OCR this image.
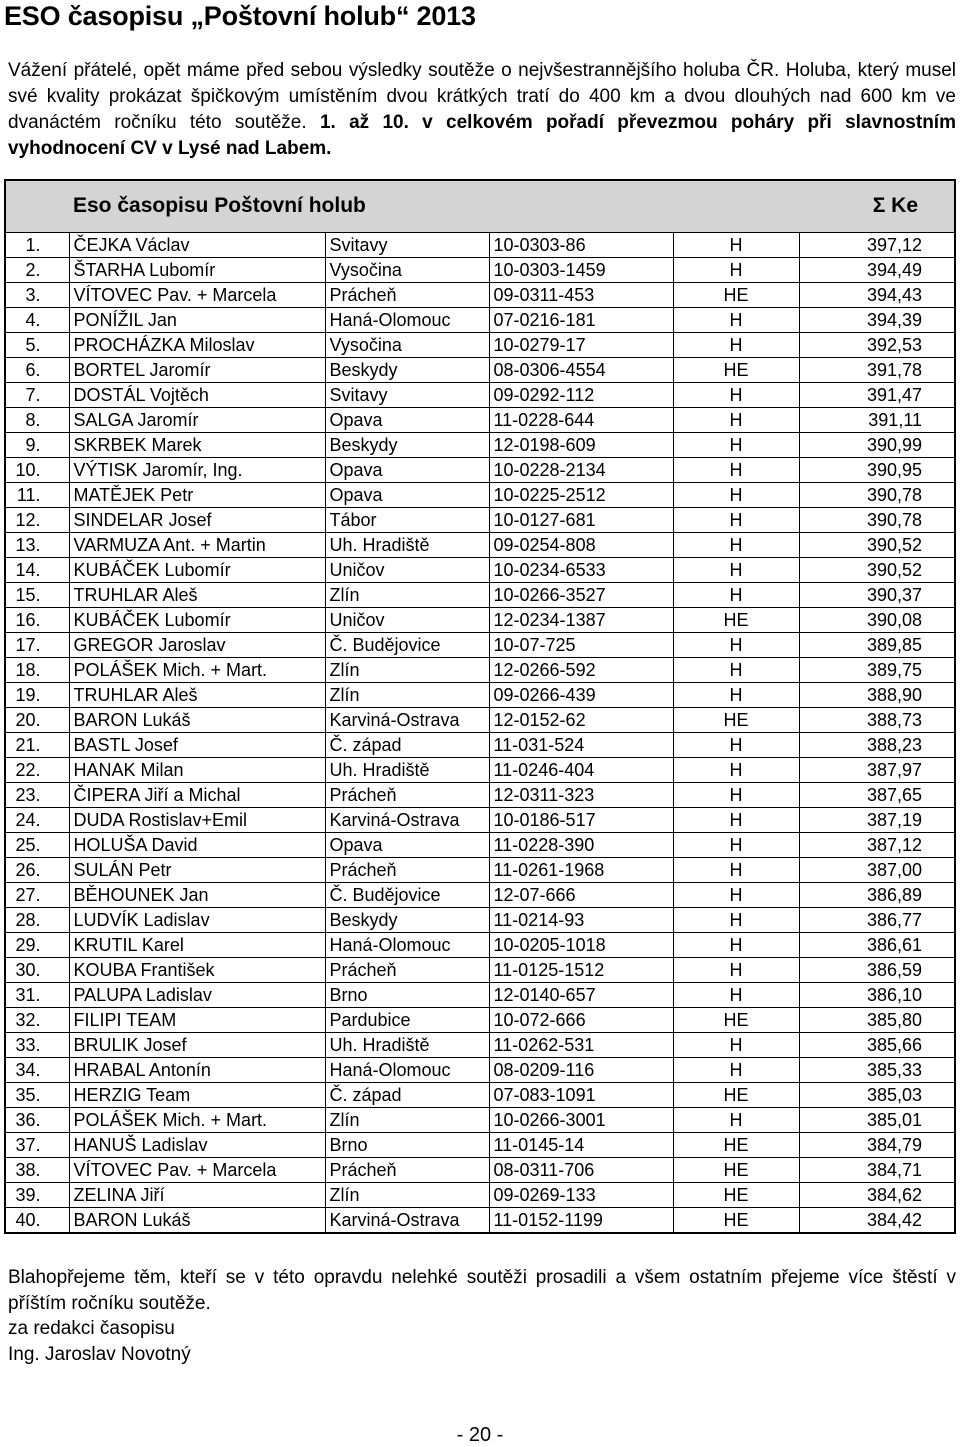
ESO časopisu „Poštovní holub“ 2013

Vážení přátelé, opět máme před sebou výsledky soutěže o nejvšestrannějšího holuba ČR. Holuba, který musel své kvality prokázat špičkovým umístěním dvou krátkých tratí do 400 km a dvou dlouhých nad 600 km ve dvanáctém ročníku této soutěže. 1. až 10. v celkovém pořadí převezmou poháry při slavnostním vyhodnocení CV v Lysé nad Labem.

	Eso časopisu Poštovní holub				Σ Ke
1.	ČEJKA Václav	Svitavy	10-0303-86	H	397,12
2.	ŠTARHA Lubomír	Vysočina	10-0303-1459	H	394,49
3.	VÍTOVEC Pav. + Marcela	Prácheň	09-0311-453	HE	394,43
4.	PONÍŽIL Jan	Haná-Olomouc	07-0216-181	H	394,39
5.	PROCHÁZKA Miloslav	Vysočina	10-0279-17	H	392,53
6.	BORTEL Jaromír	Beskydy	08-0306-4554	HE	391,78
7.	DOSTÁL Vojtěch	Svitavy	09-0292-112	H	391,47
8.	SALGA Jaromír	Opava	11-0228-644	H	391,11
9.	SKRBEK Marek	Beskydy	12-0198-609	H	390,99
10.	VÝTISK Jaromír, Ing.	Opava	10-0228-2134	H	390,95
11.	MATĚJEK Petr	Opava	10-0225-2512	H	390,78
12.	SINDELAR Josef	Tábor	10-0127-681	H	390,78
13.	VARMUZA Ant. + Martin	Uh. Hradiště	09-0254-808	H	390,52
14.	KUBÁČEK Lubomír	Uničov	10-0234-6533	H	390,52
15.	TRUHLAR Aleš	Zlín	10-0266-3527	H	390,37
16.	KUBÁČEK Lubomír	Uničov	12-0234-1387	HE	390,08
17.	GREGOR Jaroslav	Č. Budějovice	10-07-725	H	389,85
18.	POLÁŠEK Mich. + Mart.	Zlín	12-0266-592	H	389,75
19.	TRUHLAR Aleš	Zlín	09-0266-439	H	388,90
20.	BARON Lukáš	Karviná-Ostrava	12-0152-62	HE	388,73
21.	BASTL Josef	Č. západ	11-031-524	H	388,23
22.	HANAK Milan	Uh. Hradiště	11-0246-404	H	387,97
23.	ČIPERA Jiří a Michal	Prácheň	12-0311-323	H	387,65
24.	DUDA Rostislav+Emil	Karviná-Ostrava	10-0186-517	H	387,19
25.	HOLUŠA David	Opava	11-0228-390	H	387,12
26.	SULÁN Petr	Prácheň	11-0261-1968	H	387,00
27.	BĚHOUNEK Jan	Č. Budějovice	12-07-666	H	386,89
28.	LUDVÍK Ladislav	Beskydy	11-0214-93	H	386,77
29.	KRUTIL Karel	Haná-Olomouc	10-0205-1018	H	386,61
30.	KOUBA František	Prácheň	11-0125-1512	H	386,59
31.	PALUPA Ladislav	Brno	12-0140-657	H	386,10
32.	FILIPI TEAM	Pardubice	10-072-666	HE	385,80
33.	BRULIK Josef	Uh. Hradiště	11-0262-531	H	385,66
34.	HRABAL Antonín	Haná-Olomouc	08-0209-116	H	385,33
35.	HERZIG Team	Č. západ	07-083-1091	HE	385,03
36.	POLÁŠEK Mich. + Mart.	Zlín	10-0266-3001	H	385,01
37.	HANUŠ Ladislav	Brno	11-0145-14	HE	384,79
38.	VÍTOVEC Pav. + Marcela	Prácheň	08-0311-706	HE	384,71
39.	ZELINA Jiří	Zlín	09-0269-133	HE	384,62
40.	BARON Lukáš	Karviná-Ostrava	11-0152-1199	HE	384,42

Blahopřejeme těm, kteří se v této opravdu nelehké soutěži prosadili a všem ostatním přejeme více štěstí v příštím ročníku soutěže.

za redakci časopisu

Ing. Jaroslav Novotný

- 20 -
